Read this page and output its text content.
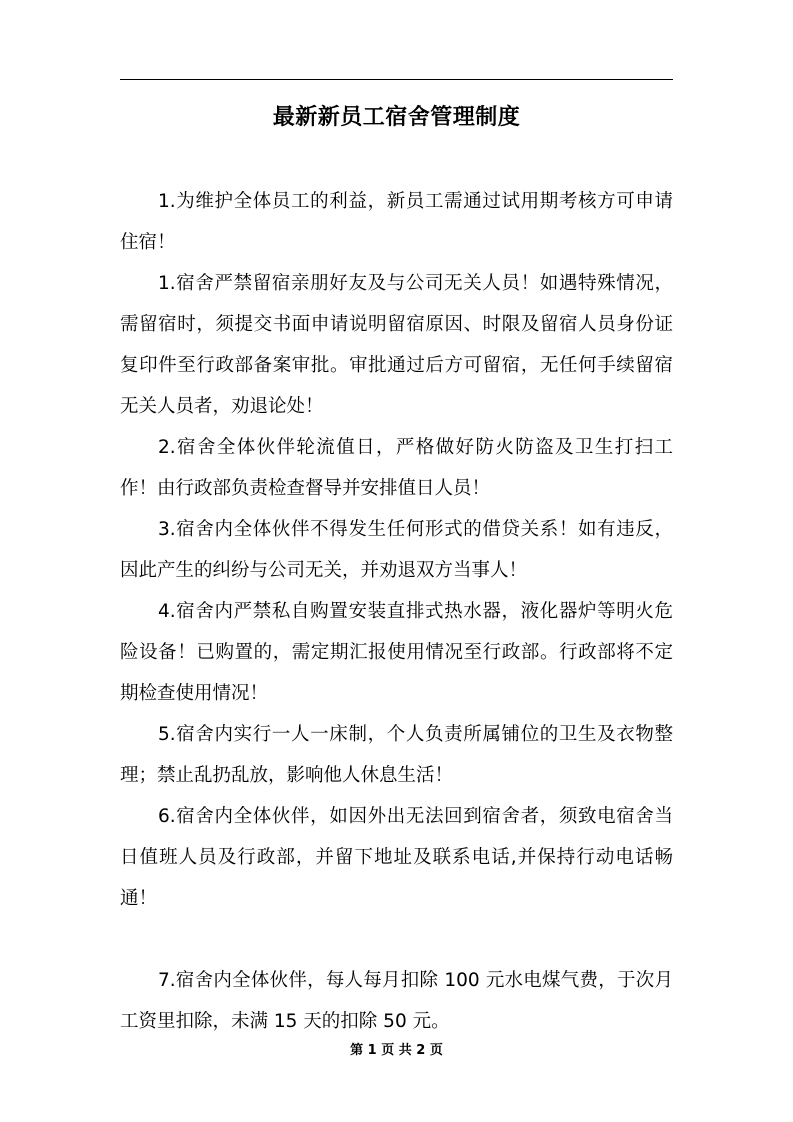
最新新员工宿舍管理制度

1.为维护全体员工的利益，新员工需通过试用期考核方可申请住宿！

1.宿舍严禁留宿亲朋好友及与公司无关人员！如遇特殊情况，需留宿时，须提交书面申请说明留宿原因、时限及留宿人员身份证复印件至行政部备案审批。审批通过后方可留宿，无任何手续留宿无关人员者，劝退论处！

2.宿舍全体伙伴轮流值日，严格做好防火防盗及卫生打扫工作！由行政部负责检查督导并安排值日人员！

3.宿舍内全体伙伴不得发生任何形式的借贷关系！如有违反，因此产生的纠纷与公司无关，并劝退双方当事人！

4.宿舍内严禁私自购置安装直排式热水器，液化器炉等明火危险设备！已购置的，需定期汇报使用情况至行政部。行政部将不定期检查使用情况！

5.宿舍内实行一人一床制，个人负责所属铺位的卫生及衣物整理；禁止乱扔乱放，影响他人休息生活！

6.宿舍内全体伙伴，如因外出无法回到宿舍者，须致电宿舍当日值班人员及行政部，并留下地址及联系电话,并保持行动电话畅通！

7.宿舍内全体伙伴，每人每月扣除 100 元水电煤气费，于次月工资里扣除，未满 15 天的扣除 50 元。

第 1 页 共 2 页
